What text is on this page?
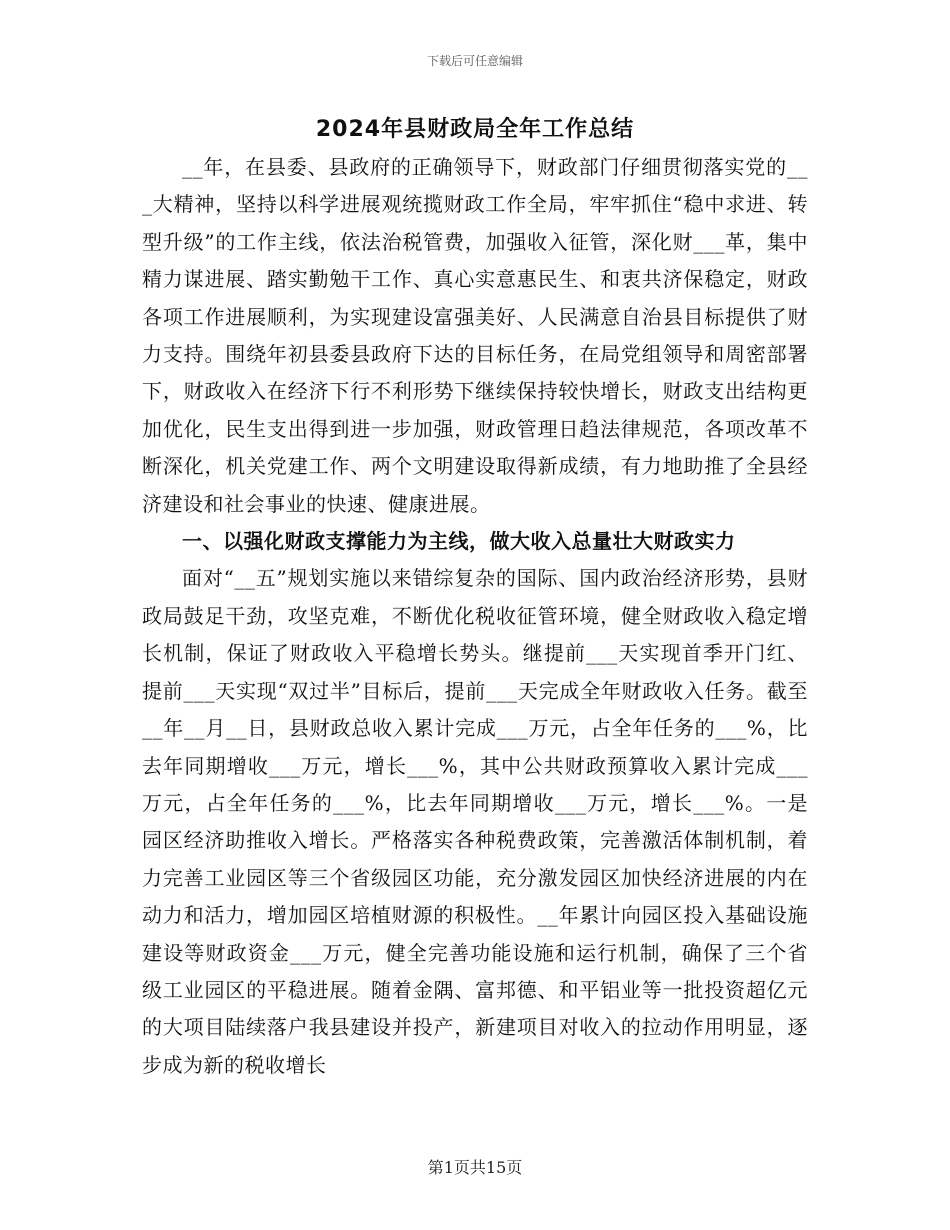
下载后可任意编辑
2024年县财政局全年工作总结

__年，在县委、县政府的正确领导下，财政部门仔细贯彻落实党的___大精神，坚持以科学进展观统揽财政工作全局，牢牢抓住“稳中求进、转型升级”的工作主线，依法治税管费，加强收入征管，深化财___革，集中精力谋进展、踏实勤勉干工作、真心实意惠民生、和衷共济保稳定，财政各项工作进展顺利，为实现建设富强美好、人民满意自治县目标提供了财力支持。围绕年初县委县政府下达的目标任务，在局党组领导和周密部署下，财政收入在经济下行不利形势下继续保持较快增长，财政支出结构更加优化，民生支出得到进一步加强，财政管理日趋法律规范，各项改革不断深化，机关党建工作、两个文明建设取得新成绩，有力地助推了全县经济建设和社会事业的快速、健康进展。

一、以强化财政支撑能力为主线，做大收入总量壮大财政实力

面对“__五”规划实施以来错综复杂的国际、国内政治经济形势，县财政局鼓足干劲，攻坚克难，不断优化税收征管环境，健全财政收入稳定增长机制，保证了财政收入平稳增长势头。继提前___天实现首季开门红、提前___天实现“双过半”目标后，提前___天完成全年财政收入任务。截至__年__月__日，县财政总收入累计完成___万元，占全年任务的___%，比去年同期增收___万元，增长___%，其中公共财政预算收入累计完成___万元，占全年任务的___%，比去年同期增收___万元，增长___%。一是园区经济助推收入增长。严格落实各种税费政策，完善激活体制机制，着力完善工业园区等三个省级园区功能，充分激发园区加快经济进展的内在动力和活力，增加园区培植财源的积极性。__年累计向园区投入基础设施建设等财政资金___万元，健全完善功能设施和运行机制，确保了三个省级工业园区的平稳进展。随着金隅、富邦德、和平铝业等一批投资超亿元的大项目陆续落户我县建设并投产，新建项目对收入的拉动作用明显，逐步成为新的税收增长

第1页共15页
